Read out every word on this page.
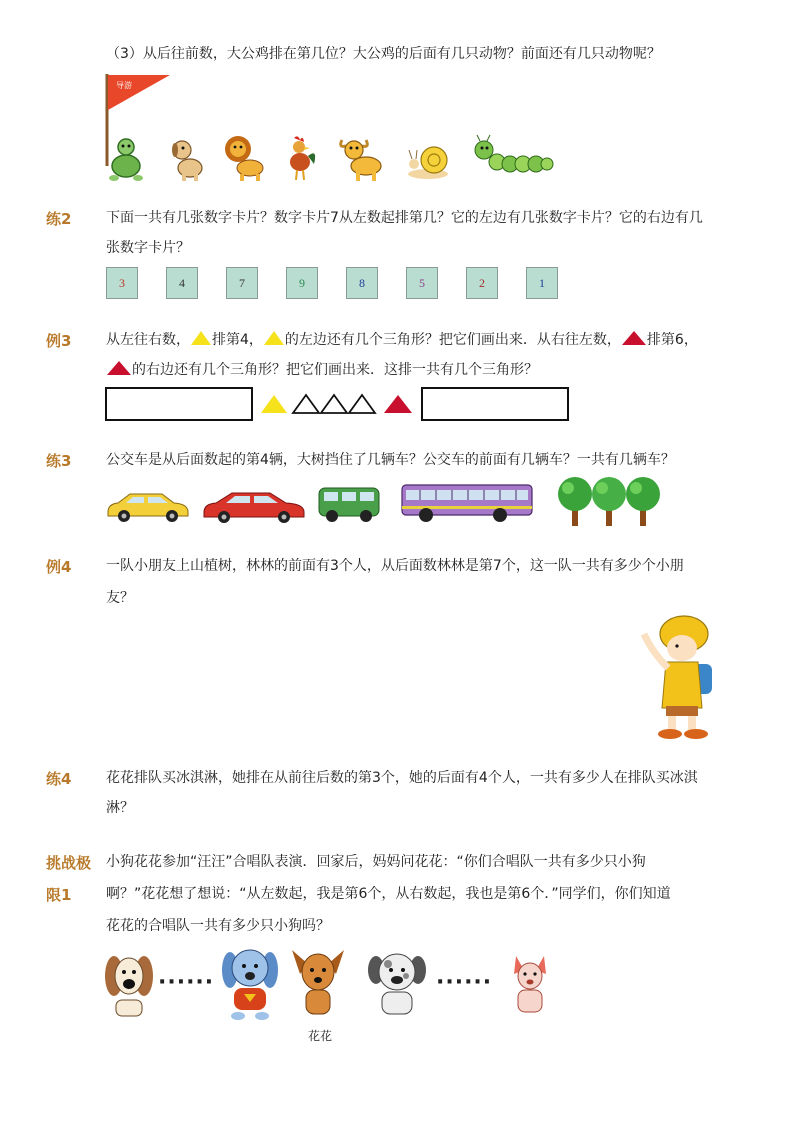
（3）从后往前数，大公鸡排在第几位？大公鸡的后面有几只动物？前面还有几只动物呢？
导游
练2 下面一共有几张数字卡片？数字卡片7从左数起排第几？它的左边有几张数字卡片？它的右边有几
张数字卡片？
3	4	7	9	8	5	2	1
例3 从左往右数， 排第4， 的左边还有几个三角形？把它们画出来．从右往左数， 排第6，
的右边还有几个三角形？把它们画出来．这排一共有几个三角形？
练3 公交车是从后面数起的第4辆，大树挡住了几辆车？公交车的前面有几辆车？一共有几辆车？
例4 一队小朋友上山植树，林林的前面有3个人，从后面数林林是第7个，这一队一共有多少个小朋
友？
练4 花花排队买冰淇淋，她排在从前往后数的第3个，她的后面有4个人，一共有多少人在排队买冰淇
淋？
挑战极
限1
小狗花花参加“汪汪”合唱队表演．回家后，妈妈问花花：“你们合唱队一共有多少只小狗
啊？”花花想了想说：“从左数起，我是第6个，从右数起，我也是第6个．”同学们，你们知道
花花的合唱队一共有多少只小狗吗？
······
花花
······
